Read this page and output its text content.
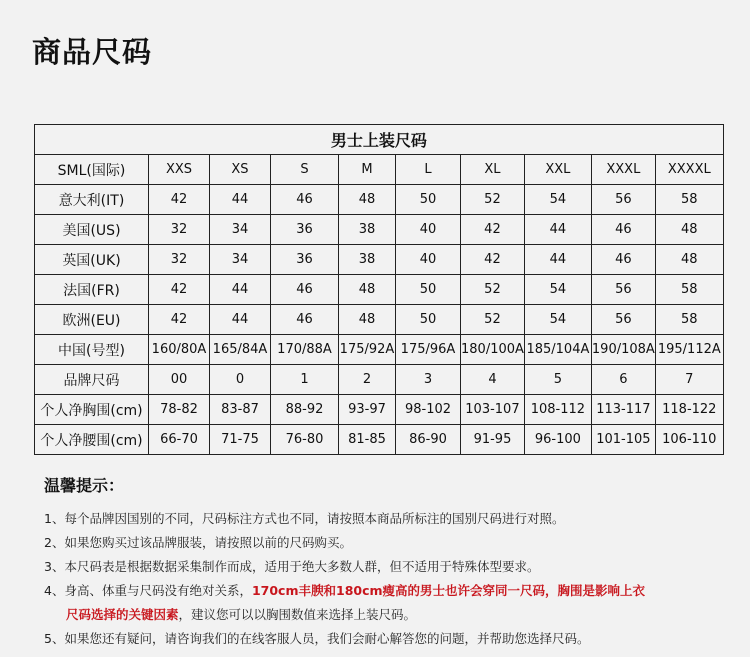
商品尺码
男士上装尺码									
SML(国际)	XXS	XS	S	M	L	XL	XXL	XXXL	XXXXL
意大利(IT)	42	44	46	48	50	52	54	56	58
美国(US)	32	34	36	38	40	42	44	46	48
英国(UK)	32	34	36	38	40	42	44	46	48
法国(FR)	42	44	46	48	50	52	54	56	58
欧洲(EU)	42	44	46	48	50	52	54	56	58
中国(号型)	160/80A	165/84A	170/88A	175/92A	175/96A	180/100A	185/104A	190/108A	195/112A
品牌尺码	00	0	1	2	3	4	5	6	7
个人净胸围(cm)	78-82	83-87	88-92	93-97	98-102	103-107	108-112	113-117	118-122
个人净腰围(cm)	66-70	71-75	76-80	81-85	86-90	91-95	96-100	101-105	106-110
温馨提示：
1、每个品牌因国别的不同，尺码标注方式也不同，请按照本商品所标注的国别尺码进行对照。
2、如果您购买过该品牌服装，请按照以前的尺码购买。
3、本尺码表是根据数据采集制作而成，适用于绝大多数人群，但不适用于特殊体型要求。
4、身高、体重与尺码没有绝对关系，170cm丰腴和180cm瘦高的男士也许会穿同一尺码，胸围是影响上衣
尺码选择的关键因素，建议您可以以胸围数值来选择上装尺码。
5、如果您还有疑问，请咨询我们的在线客服人员，我们会耐心解答您的问题，并帮助您选择尺码。
